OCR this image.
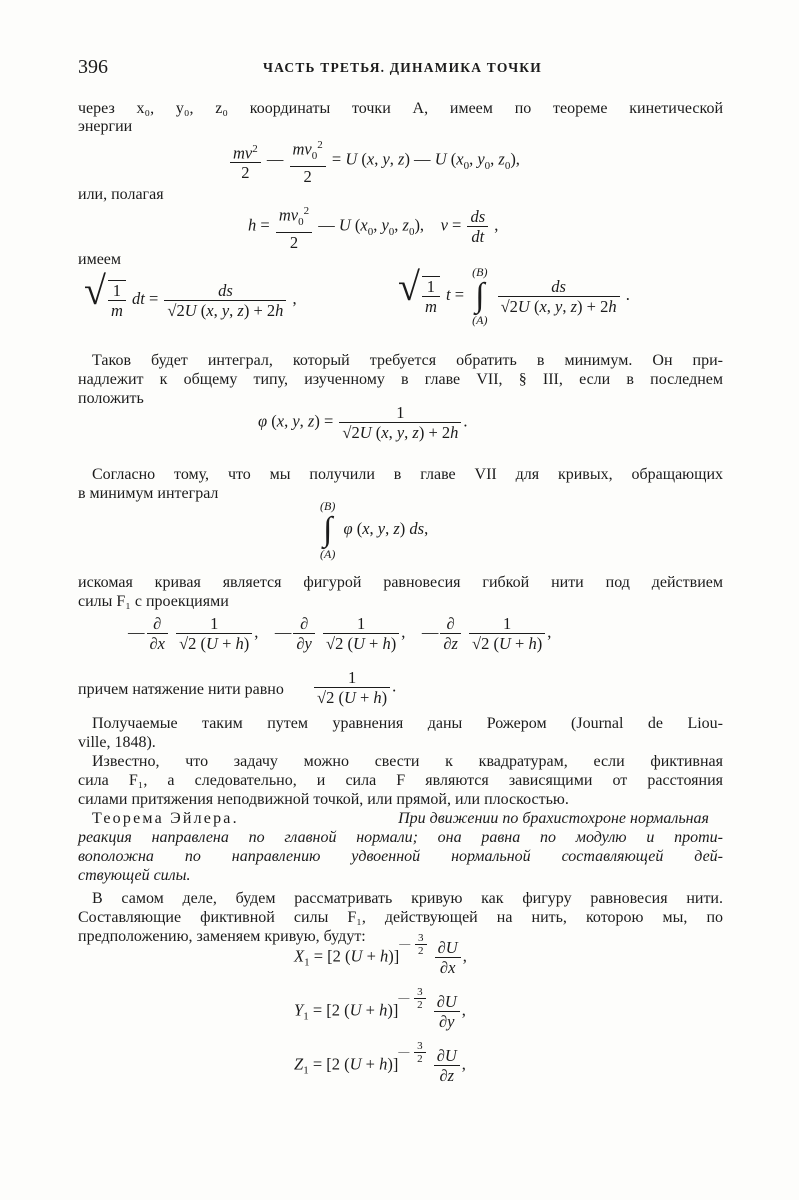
396	ЧАСТЬ ТРЕТЬЯ. ДИНАМИКА ТОЧКИ
через x₀, y₀, z₀ координаты точки A, имеем по теореме кинетической
энергии
$\frac{mv^2}{2}$ — $\frac{mv_0^2}{2} = U$ (x, y, z) — U ($x_0$, $y_0$, $z_0$),
или, полагая
$h = \frac{mv_0^2}{2}$ — U ($x_0$, $y_0$, $z_0$),    $v = \frac{ds}{dt}$ ,
имеем
√ $\frac{1}{m}$ dt = $\frac{ds}{√2U (x, y, z) + 2h}$ ,	√ $\frac{1}{m}$ t =
(B)
∫
(A)

$\frac{ds}{√2U (x, y, z) + 2h}$ .
Таков будет интеграл, который требуется обратить в минимум. Он при-
надлежит к общему типу, изученному в главе VII, § III, если в последнем
положить
φ (x, y, $z) = \frac{1}{√2U (x, y, z) + 2h}$ .
Согласно тому, что мы получили в главе VII для кривых, обращающих
в минимум интеграл
(B)
∫
(A)
φ (x, y, z) ds,
искомая кривая является фигурой равновесия гибкой нити под действием
силы F₁ с проекциями
— $\frac{\partial}{\partial x}$
$\frac{1}{√2 (U + h)}$ , — $\frac{\partial}{\partial y}$
$\frac{1}{√2 (U + h)}$ , — $\frac{\partial}{\partial z}$
$\frac{1}{√2 (U + h)}$ ,
причем натяжение нити равно $\frac{1}{√2 (U + h)}$ .
Получаемые таким путем уравнения даны Рожером (Journal de Liou-
ville, 1848).
Известно, что задачу можно свести к квадратурам, если фиктивная
сила F₁, а следовательно, и сила F являются зависящими от расстояния
силами притяжения неподвижной точкой, или прямой, или плоскостью.
Теорема Эйлера.	При движении по брахистохроне нормальная
реакция направлена по главной нормали; она равна по модулю и проти-
воположна по направлению удвоенной нормальной составляющей дей-
ствующей силы.
В самом деле, будем рассматривать кривую как фигуру равновесия нити.
Составляющие фиктивной силы F₁, действующей на нить, которою мы, по
предположению, заменяем кривую, будут:
$X_1 = [2$ (U + h)]$^{— \frac{3}{2}}$
$\frac{\partial U}{\partial x}$ ,
$Y_1 = [2$ (U + h)]$^{— \frac{3}{2}}$
$\frac{\partial U}{\partial y}$ ,
$Z_1 = [2$ (U + h)]$^{— \frac{3}{2}}$
$\frac{\partial U}{\partial z}$ ,
